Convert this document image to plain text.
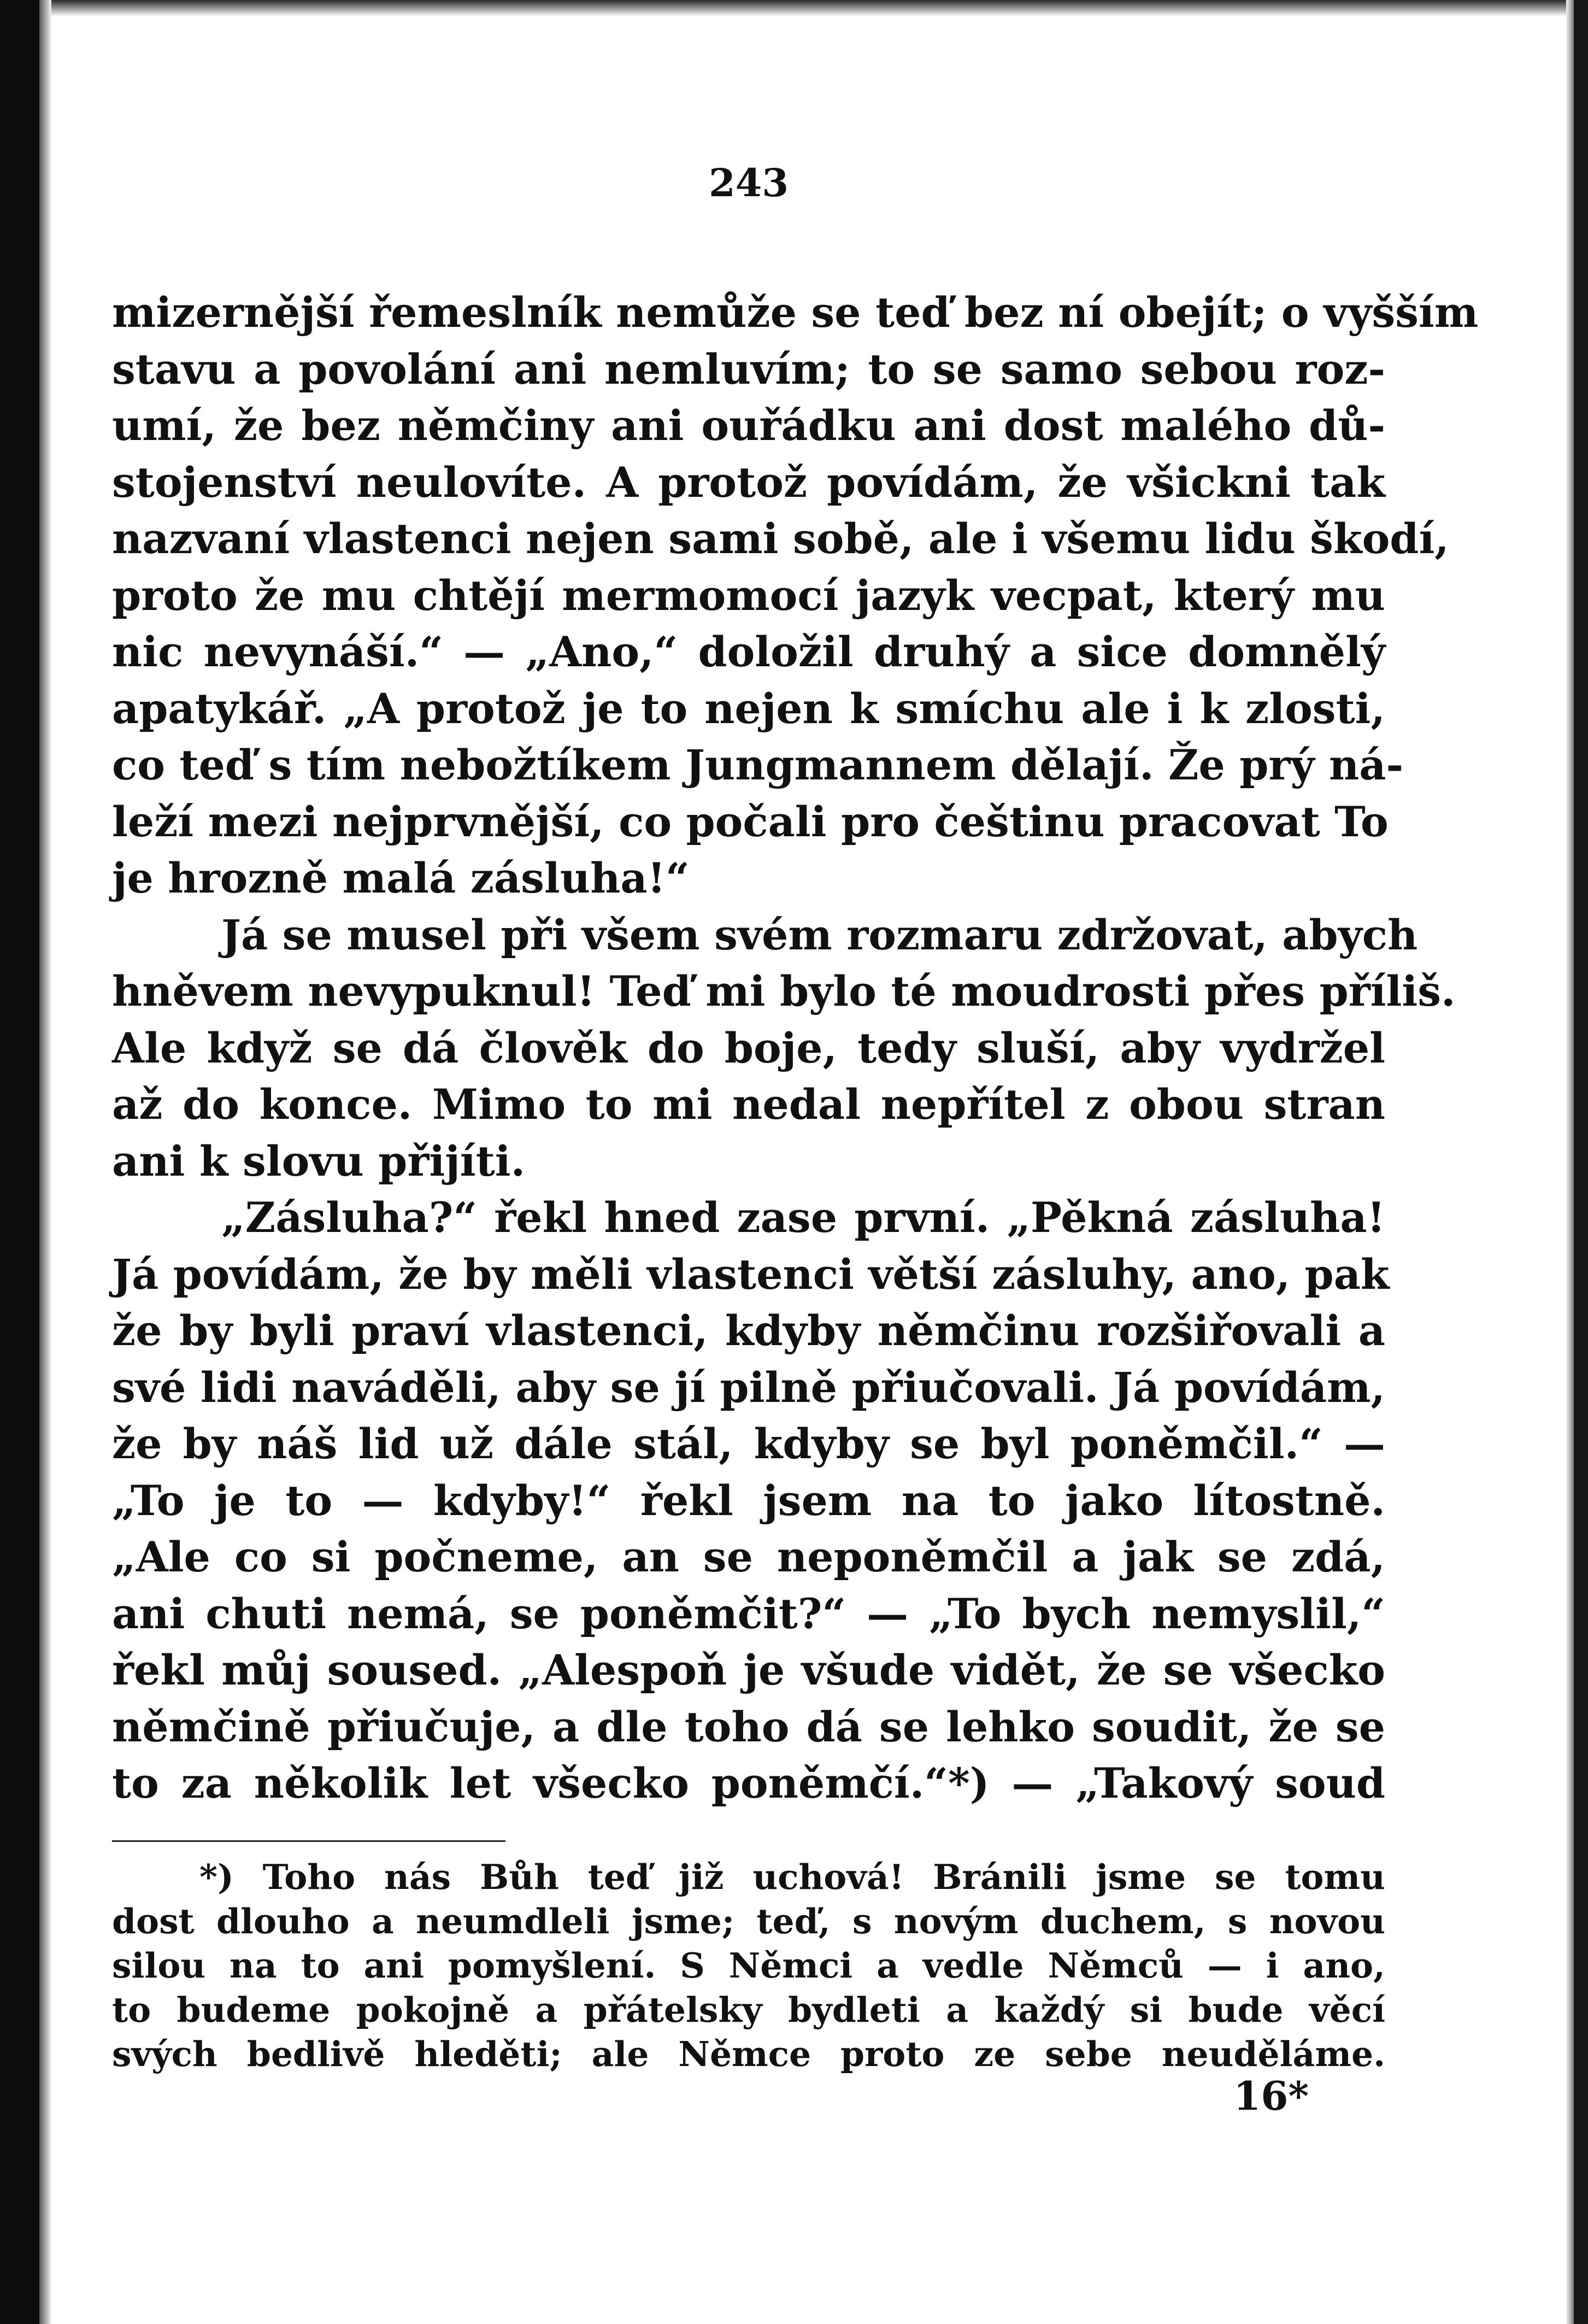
243
mizernější řemeslník nemůže se teď bez ní obejít; o vyšším
stavu a povolání ani nemluvím; to se samo sebou roz-
umí, že bez němčiny ani ouřádku ani dost malého dů-
stojenství neulovíte. A protož povídám, že všickni tak
nazvaní vlastenci nejen sami sobě, ale i všemu lidu škodí,
proto že mu chtějí mermomocí jazyk vecpat, který mu
nic nevynáší.“ — „Ano,“ doložil druhý a sice domnělý
apatykář. „A protož je to nejen k smíchu ale i k zlosti,
co teď s tím nebožtíkem Jungmannem dělají. Že prý ná-
leží mezi nejprvnější, co počali pro češtinu pracovat To
je hrozně malá zásluha!“
Já se musel při všem svém rozmaru zdržovat, abych
hněvem nevypuknul! Teď mi bylo té moudrosti přes příliš.
Ale když se dá člověk do boje, tedy sluší, aby vydržel
až do konce. Mimo to mi nedal nepřítel z obou stran
ani k slovu přijíti.
„Zásluha?“ řekl hned zase první. „Pěkná zásluha!
Já povídám, že by měli vlastenci větší zásluhy, ano, pak
že by byli praví vlastenci, kdyby němčinu rozšiřovali a
své lidi naváděli, aby se jí pilně přiučovali. Já povídám,
že by náš lid už dále stál, kdyby se byl poněmčil.“ —
„To je to — kdyby!“ řekl jsem na to jako lítostně.
„Ale co si počneme, an se neponěmčil a jak se zdá,
ani chuti nemá, se poněmčit?“ — „To bych nemyslil,“
řekl můj soused. „Alespoň je všude vidět, že se všecko
němčině přiučuje, a dle toho dá se lehko soudit, že se
to za několik let všecko poněmčí.“*) — „Takový soud
*) Toho nás Bůh teď již uchová! Bránili jsme se tomu
dost dlouho a neumdleli jsme; teď, s novým duchem, s novou
silou na to ani pomyšlení. S Němci a vedle Němců — i ano,
to budeme pokojně a přátelsky bydleti a každý si bude věcí
svých bedlivě hleděti; ale Němce proto ze sebe neuděláme.
16*
